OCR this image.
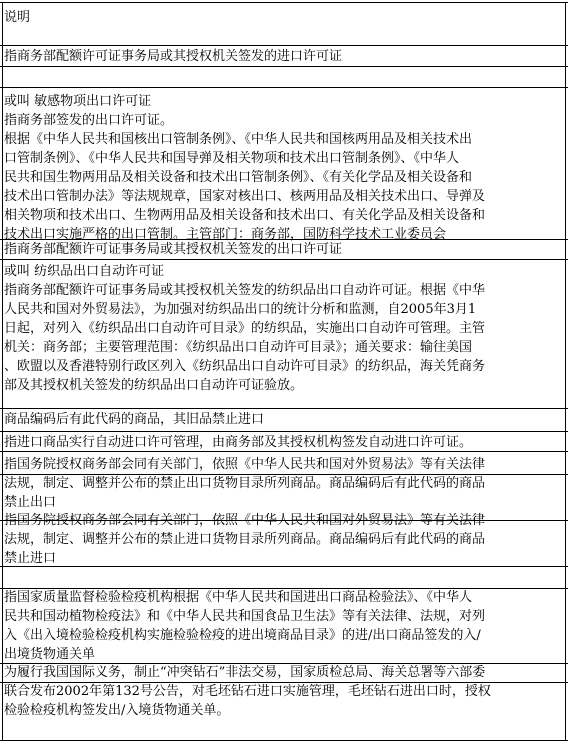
说明
指商务部配额许可证事务局或其授权机关签发的进口许可证
或叫 敏感物项出口许可证
指商务部签发的出口许可证。
根据《中华人民共和国核出口管制条例》、《中华人民共和国核两用品及相关技术出
口管制条例》、《中华人民共和国导弹及相关物项和技术出口管制条例》、《中华人
民共和国生物两用品及相关设备和技术出口管制条例》、《有关化学品及相关设备和
技术出口管制办法》等法规规章，国家对核出口、核两用品及相关技术出口、导弹及
相关物项和技术出口、生物两用品及相关设备和技术出口、有关化学品及相关设备和
技术出口实施严格的出口管制。主管部门：商务部，国防科学技术工业委员会
指商务部配额许可证事务局或其授权机关签发的出口许可证
或叫 纺织品出口自动许可证
指商务部配额许可证事务局或其授权机关签发的纺织品出口自动许可证。根据《中华
人民共和国对外贸易法》，为加强对纺织品出口的统计分析和监测，自2005年3月1
日起，对列入《纺织品出口自动许可目录》的纺织品，实施出口自动许可管理。主管
机关：商务部；主要管理范围：《纺织品出口自动许可目录》；通关要求：输往美国
、欧盟以及香港特别行政区列入《纺织品出口自动许可目录》的纺织品，海关凭商务
部及其授权机关签发的纺织品出口自动许可证验放。
商品编码后有此代码的商品，其旧品禁止进口
指进口商品实行自动进口许可管理，由商务部及其授权机构签发自动进口许可证。
指国务院授权商务部会同有关部门，依照《中华人民共和国对外贸易法》等有关法律
法规，制定、调整并公布的禁止出口货物目录所列商品。商品编码后有此代码的商品
禁止出口
指国务院授权商务部会同有关部门，依照《中华人民共和国对外贸易法》等有关法律
法规，制定、调整并公布的禁止进口货物目录所列商品。商品编码后有此代码的商品
禁止进口
指国家质量监督检验检疫机构根据《中华人民共和国进出口商品检验法》、《中华人
民共和国动植物检疫法》和《中华人民共和国食品卫生法》等有关法律、法规，对列
入《出入境检验检疫机构实施检验检疫的进出境商品目录》的进/出口商品签发的入/
出境货物通关单
为履行我国国际义务，制止“冲突钻石”非法交易，国家质检总局、海关总署等六部委
联合发布2002年第132号公告，对毛坯钻石进口实施管理，毛坯钻石进出口时，授权
检验检疫机构签发出/入境货物通关单。
